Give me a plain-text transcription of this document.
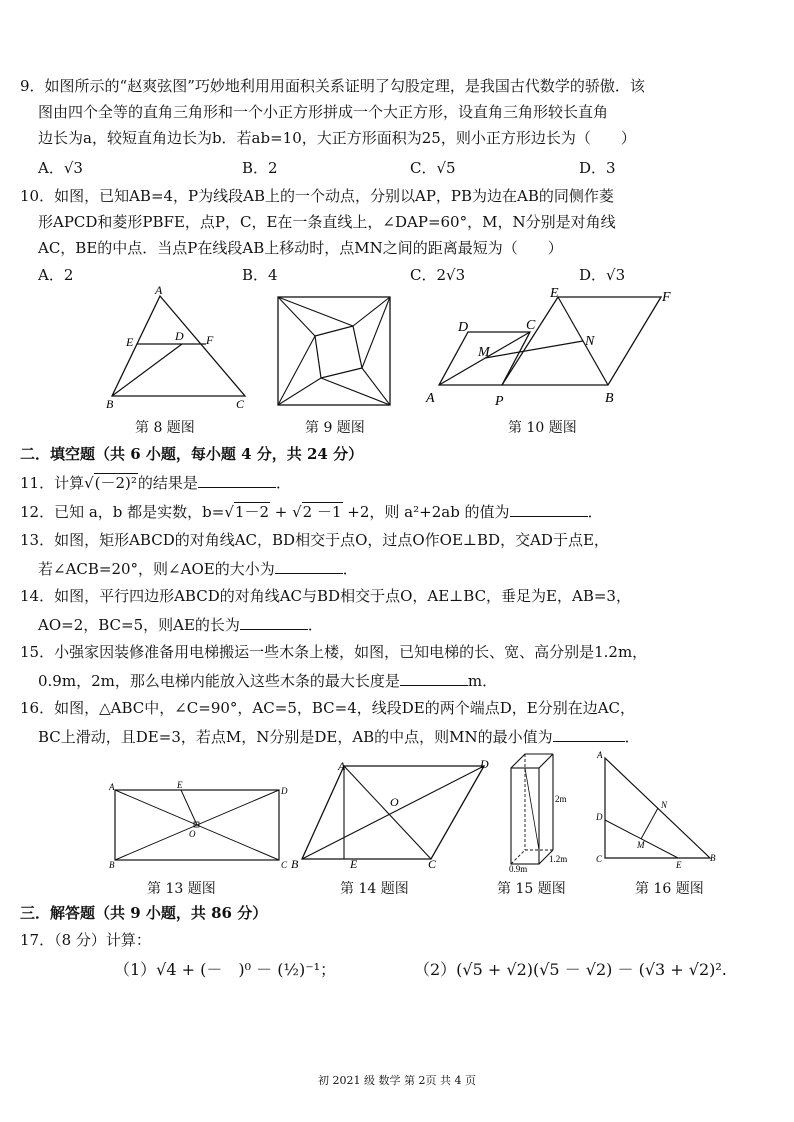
9．如图所示的“赵爽弦图”巧妙地利用用面积关系证明了勾股定理，是我国古代数学的骄傲．该
图由四个全等的直角三角形和一个小正方形拼成一个大正方形，设直角三角形较长直角
边长为a，较短直角边长为b．若ab=10，大正方形面积为25，则小正方形边长为（　　）
A．√3	B．2	C．√5	D．3
10．如图，已知AB=4，P为线段AB上的一个动点，分别以AP，PB为边在AB的同侧作菱
形APCD和菱形PBFE，点P，C，E在一条直线上，∠DAP=60°，M，N分别是对角线
AC，BE的中点．当点P在线段AB上移动时，点MN之间的距离最短为（　　）
A．2	B．4	C．2√3	D．√3
A
E	D F
B	C
第 8 题图	第 9 题图
E	F
D	C
M
N
A	P	B
第 10 题图
二．填空题（共 6 小题，每小题 4 分，共 24 分）
11．计算√(－2)²的结果是	．
12．已知 a，b 都是实数，b=√1－2 + √2 －1 +2，则 a²+2ab 的值为	．
13．如图，矩形ABCD的对角线AC，BD相交于点O，过点O作OE⊥BD，交AD于点E，
若∠ACB=20°，则∠AOE的大小为	．
14．如图，平行四边形ABCD的对角线AC与BD相交于点O，AE⊥BC，垂足为E，AB=3，
AO=2，BC=5，则AE的长为	．
15．小强家因装修准备用电梯搬运一些木条上楼，如图，已知电梯的长、宽、高分别是1.2m，
0.9m，2m，那么电梯内能放入这些木条的最大长度是	m．
16．如图，△ABC中，∠C=90°，AC=5，BC=4，线段DE的两个端点D，E分别在边AC，
BC上滑动，且DE=3，若点M，N分别是DE，AB的中点，则MN的最小值为	．
A	E
D
O
B	C
第 13 题图
A	D
O
B	E	C
第 14 题图
2m
0.9m
1.2m
第 15 题图
A
N
D
M
C
E
B
第 16 题图
三．解答题（共 9 小题，共 86 分）
17．（8 分）计算：
（1）√4 + (－　)⁰ － (½)⁻¹；	（2）(√5 + √2)(√5 － √2) － (√3 + √2)².
初 2021 级 数学 第 2页 共 4 页
